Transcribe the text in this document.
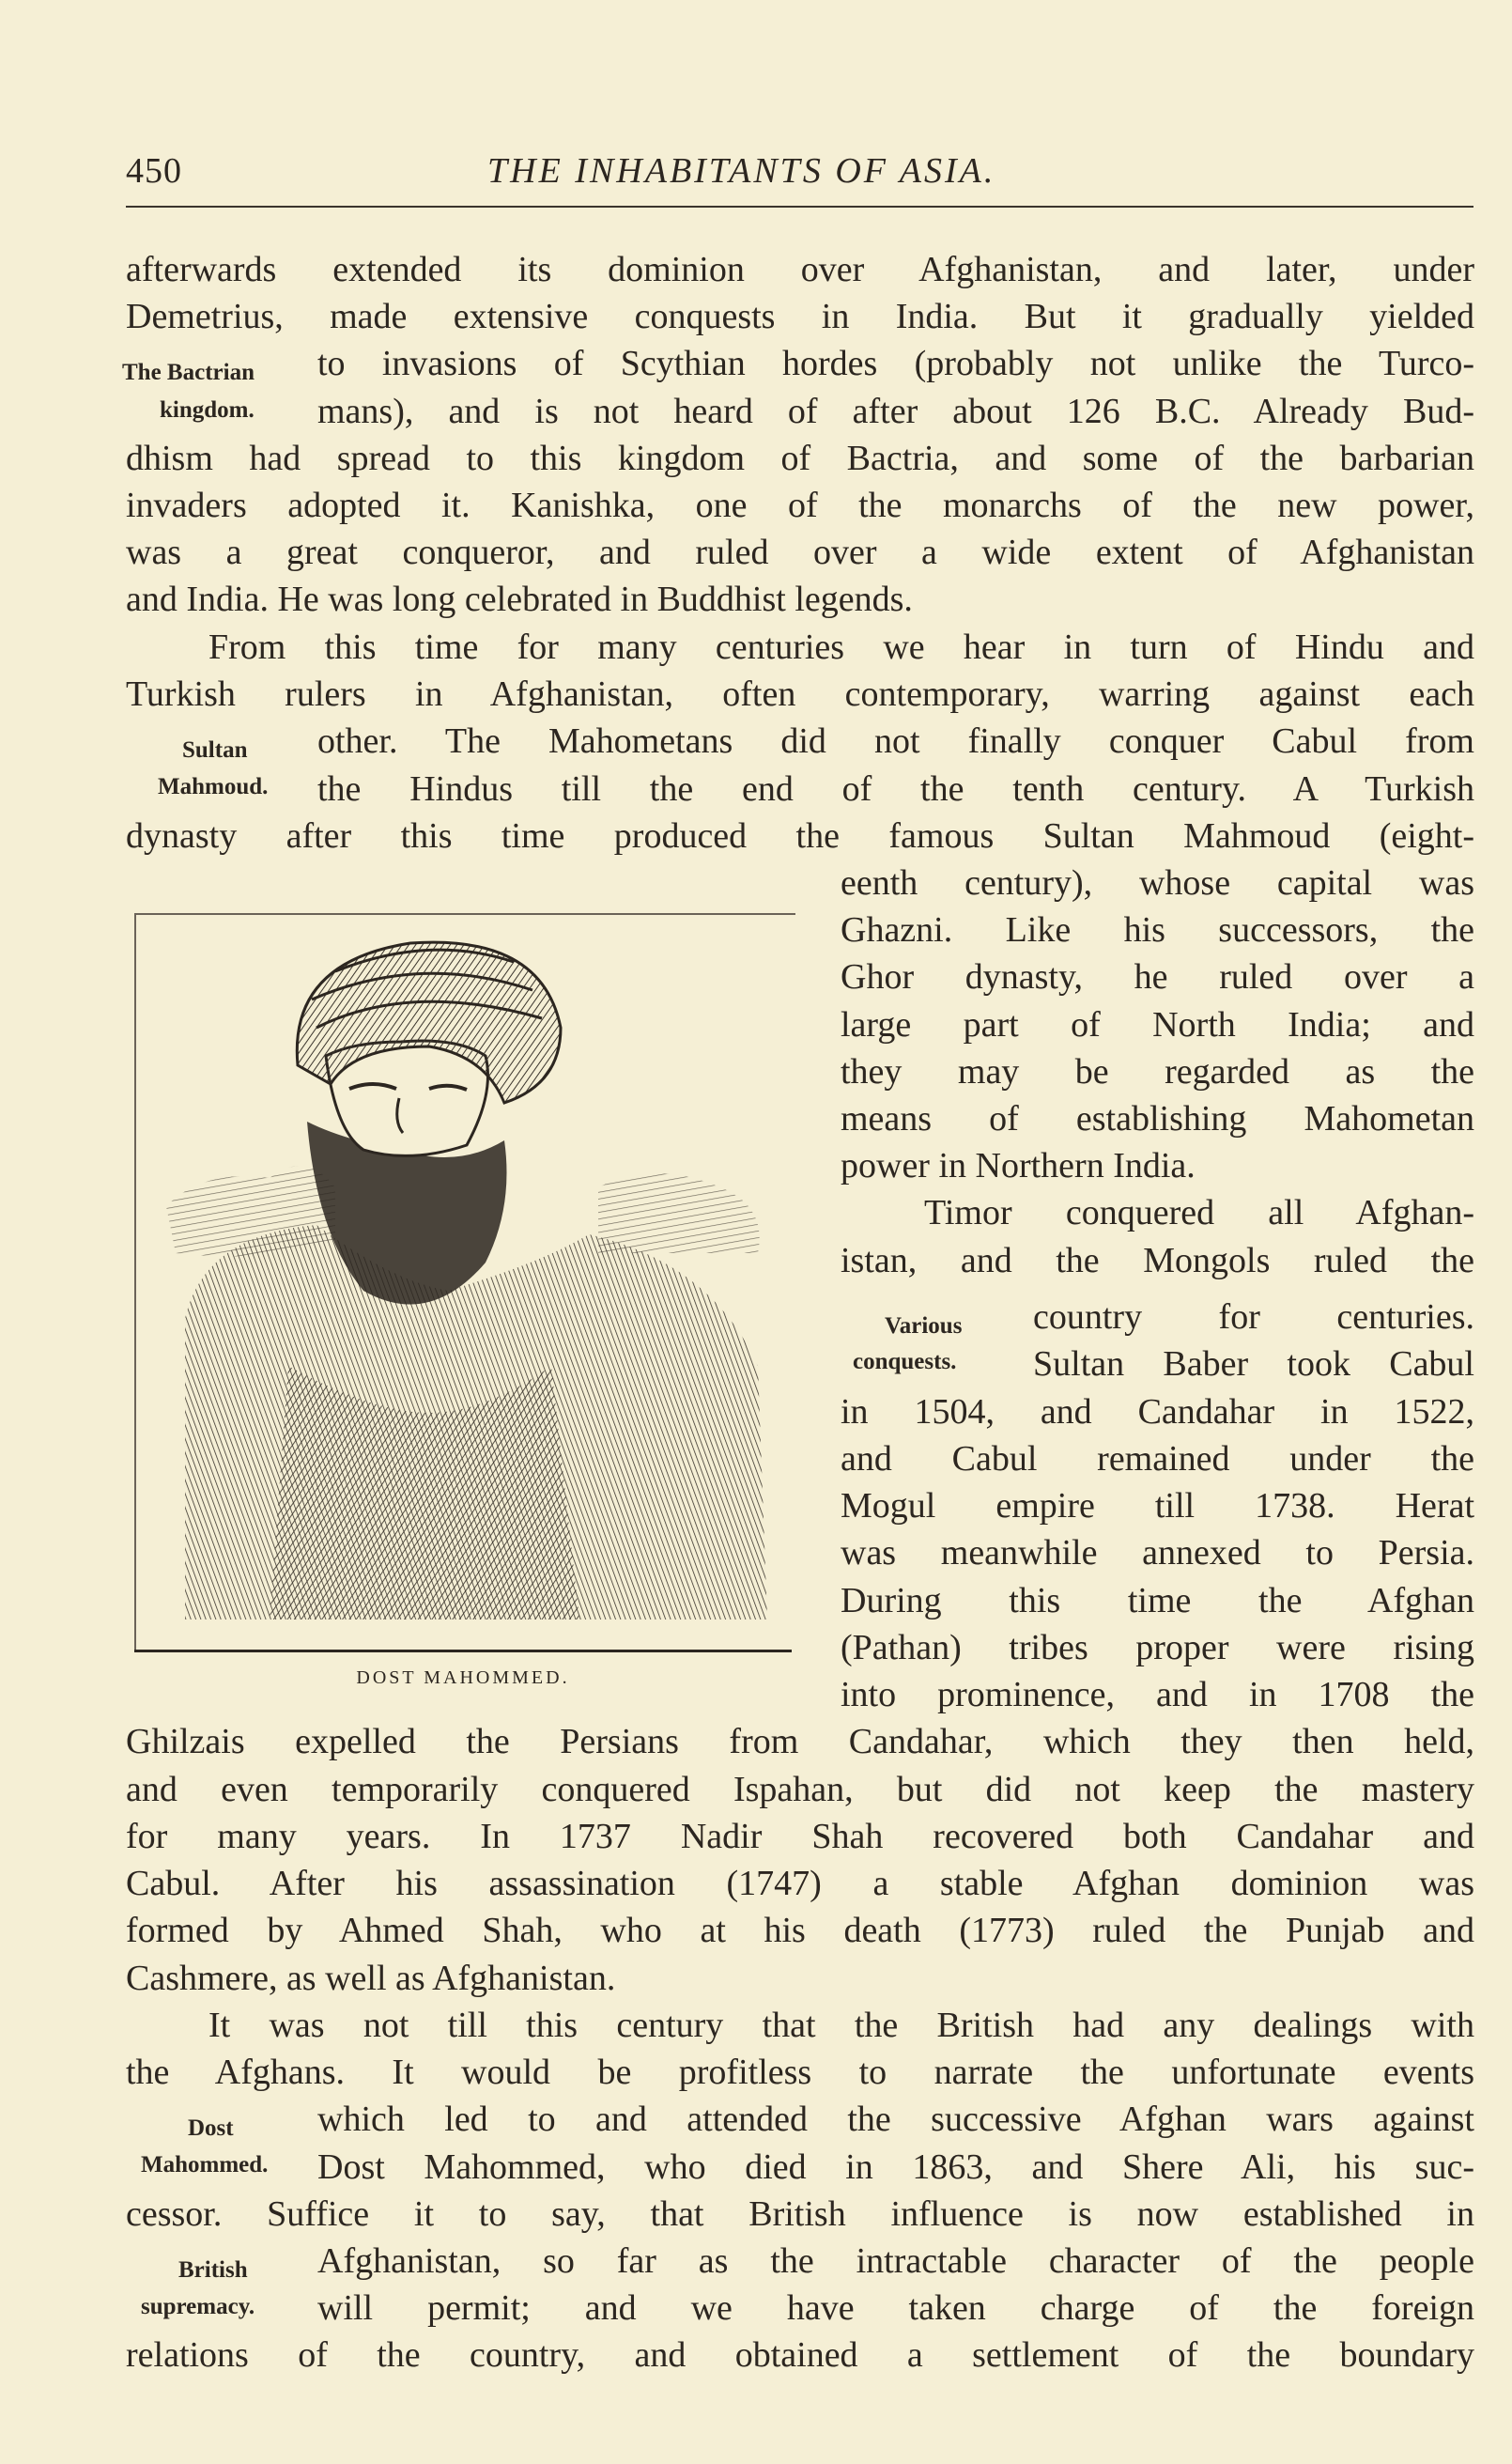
450	THE INHABITANTS OF ASIA.
afterwards extended its dominion over Afghanistan, and later, under
Demetrius, made extensive conquests in India. But it gradually yielded
The Bactrian	to invasions of Scythian hordes (probably not unlike the Turco-
kingdom.	mans), and is not heard of after about 126 B.C. Already Bud-
dhism had spread to this kingdom of Bactria, and some of the barbarian
invaders adopted it. Kanishka, one of the monarchs of the new power,
was a great conqueror, and ruled over a wide extent of Afghanistan
and India. He was long celebrated in Buddhist legends.
From this time for many centuries we hear in turn of Hindu and
Turkish rulers in Afghanistan, often contemporary, warring against each
Sultan	other. The Mahometans did not finally conquer Cabul from
Mahmoud.	the Hindus till the end of the tenth century. A Turkish
dynasty after this time produced the famous Sultan Mahmoud (eight-
eenth century), whose capital was
Ghazni. Like his successors, the
Ghor dynasty, he ruled over a
large part of North India; and
they may be regarded as the
means of establishing Mahometan
power in Northern India.
Timor conquered all Afghan-
istan, and the Mongols ruled the
Various	country for centuries.
conquests.	Sultan Baber took Cabul
in 1504, and Candahar in 1522,
and Cabul remained under the
Mogul empire till 1738. Herat
was meanwhile annexed to Persia.
During this time the Afghan
(Pathan) tribes proper were rising
into prominence, and in 1708 the
DOST MAHOMMED.
Ghilzais expelled the Persians from Candahar, which they then held,
and even temporarily conquered Ispahan, but did not keep the mastery
for many years. In 1737 Nadir Shah recovered both Candahar and
Cabul. After his assassination (1747) a stable Afghan dominion was
formed by Ahmed Shah, who at his death (1773) ruled the Punjab and
Cashmere, as well as Afghanistan.
It was not till this century that the British had any dealings with
the Afghans. It would be profitless to narrate the unfortunate events
Dost	which led to and attended the successive Afghan wars against
Mahommed.	Dost Mahommed, who died in 1863, and Shere Ali, his suc-
cessor. Suffice it to say, that British influence is now established in
British	Afghanistan, so far as the intractable character of the people
supremacy.	will permit; and we have taken charge of the foreign
relations of the country, and obtained a settlement of the boundary
